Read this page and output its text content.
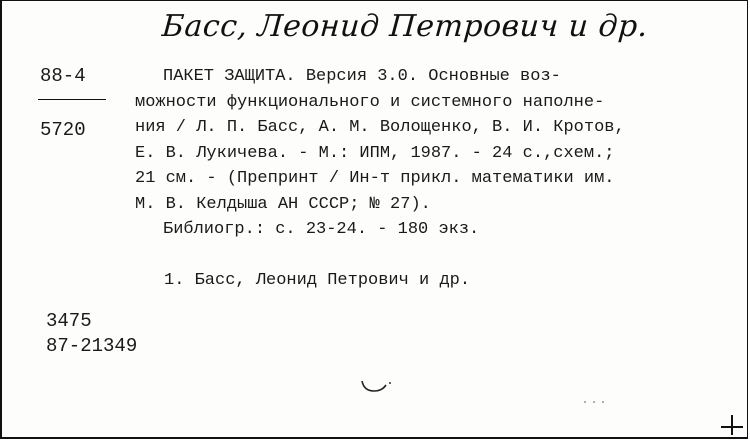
Басс, Леонид Петрович и др.
88-4
5720
ПАКЕТ ЗАЩИТА. Версия 3.0. Основные воз-
можности функционального и системного наполне-
ния / Л. П. Басс, А. М. Волощенко, В. И. Кротов,
Е. В. Лукичева. - М.: ИПМ, 1987. - 24 с.,схем.;
21 см. - (Препринт / Ин-т прикл. математики им.
М. В. Келдыша АН СССР; № 27).
Библиогр.: с. 23-24. - 180 экз.
1. Басс, Леонид Петрович и др.
3475
87-21349
